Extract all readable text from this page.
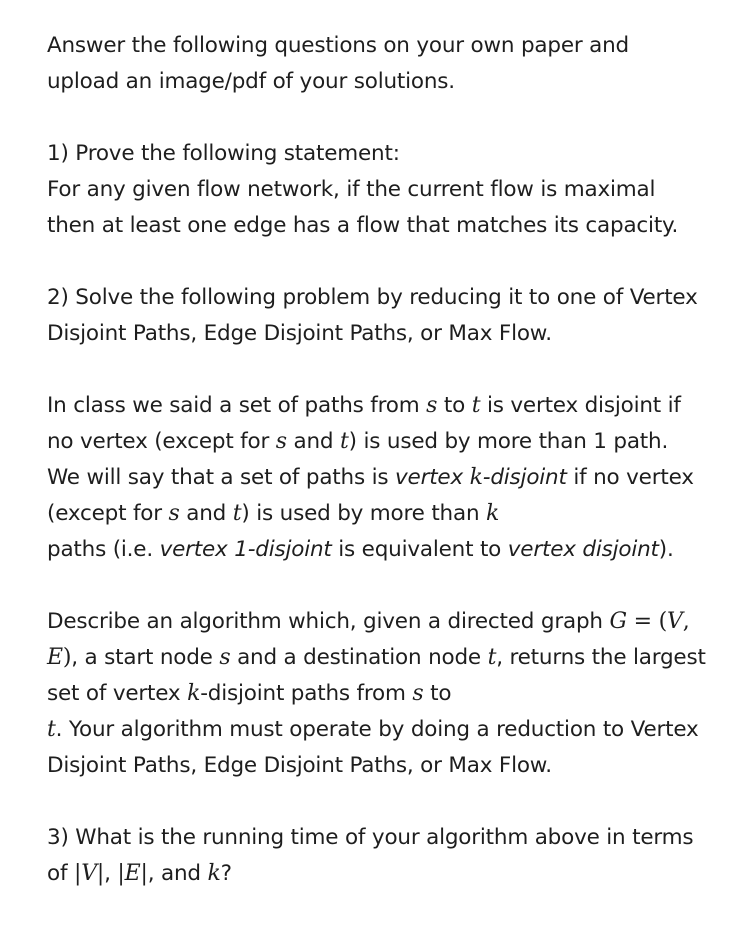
Answer the following questions on your own paper and
upload an image/pdf of your solutions.

1) Prove the following statement:
For any given flow network, if the current flow is maximal then at least one edge has a flow that matches its capacity.

2) Solve the following problem by reducing it to one of Vertex Disjoint Paths, Edge Disjoint Paths, or Max Flow.

In class we said a set of paths from s to t is vertex disjoint if no vertex (except for s and t) is used by more than 1 path. We will say that a set of paths is vertex k-disjoint if no vertex (except for s and t) is used by more than k
paths (i.e. vertex 1-disjoint is equivalent to vertex disjoint).

Describe an algorithm which, given a directed graph G = (V, E), a start node s and a destination node t, returns the largest set of vertex k-disjoint paths from s to
t. Your algorithm must operate by doing a reduction to Vertex Disjoint Paths, Edge Disjoint Paths, or Max Flow.

3) What is the running time of your algorithm above in terms of |V|, |E|, and k?
